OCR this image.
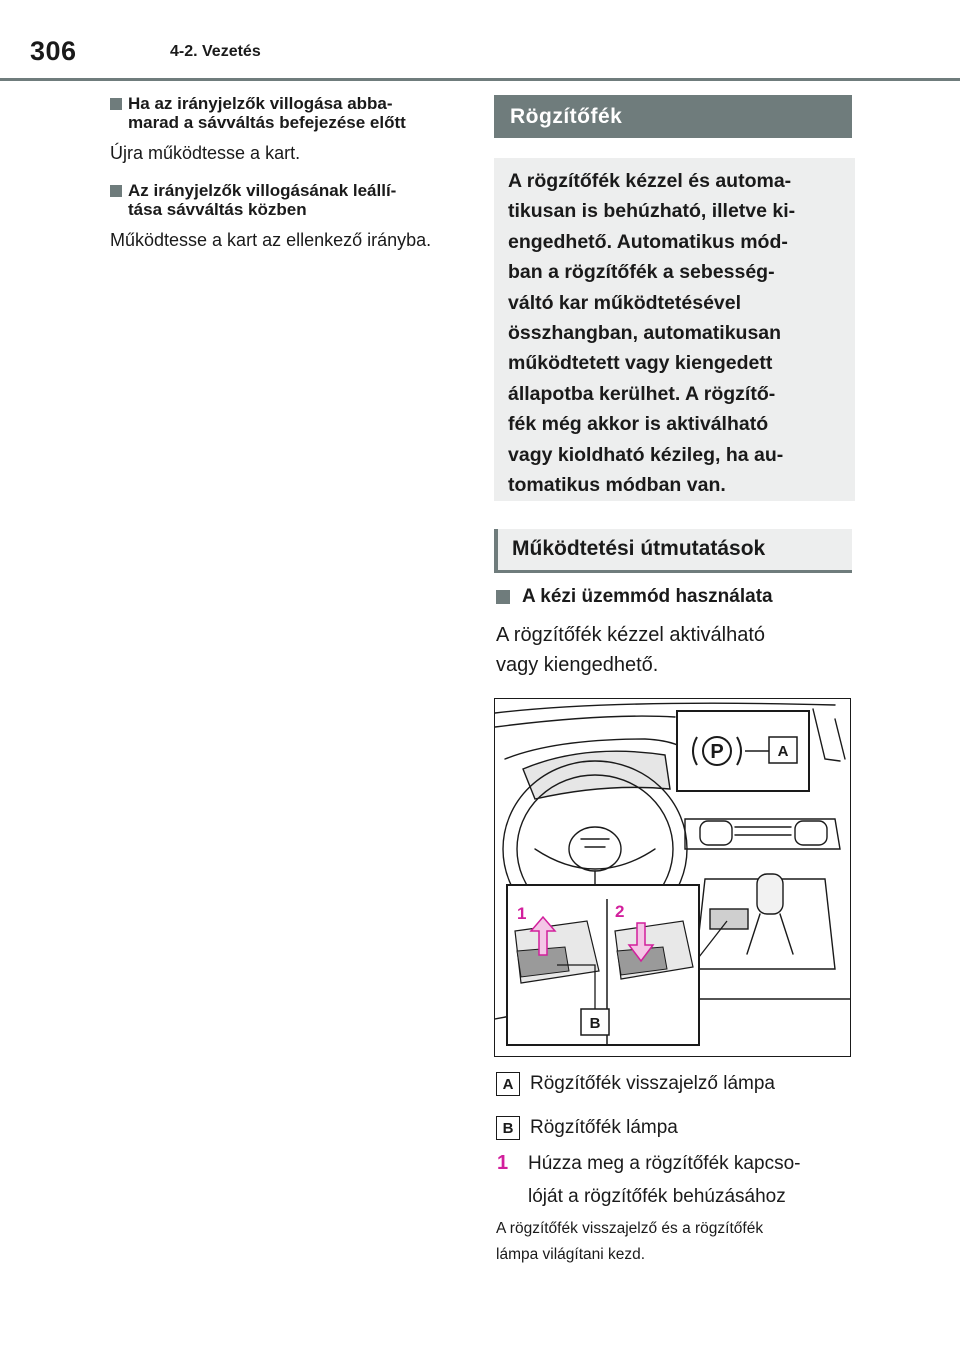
306	4-2. Vezetés
Ha az irányjelzők villogása abba-
marad a sávváltás befejezése előtt
Újra működtesse a kart.
Az irányjelzők villogásának leállí-
tása sávváltás közben
Működtesse a kart az ellenkező irányba.
Rögzítőfék

A rögzítőfék kézzel és automa-
tikusan is behúzható, illetve ki-
engedhető. Automatikus mód-
ban a rögzítőfék a sebesség-
váltó kar működtetésével
összhangban, automatikusan
működtetett vagy kiengedett
állapotba kerülhet. A rögzítő-
fék még akkor is aktiválható
vagy kioldható kézileg, ha au-
tomatikus módban van.

Működtetési útmutatások
A kézi üzemmód használata
A rögzítőfék kézzel aktiválható
vagy kiengedhető.
P	A
B
1	2
A Rögzítőfék visszajelző lámpa
B Rögzítőfék lámpa
1 Húzza meg a rögzítőfék kapcso-
lóját a rögzítőfék behúzásához
A rögzítőfék visszajelző és a rögzítőfék
lámpa világítani kezd.
